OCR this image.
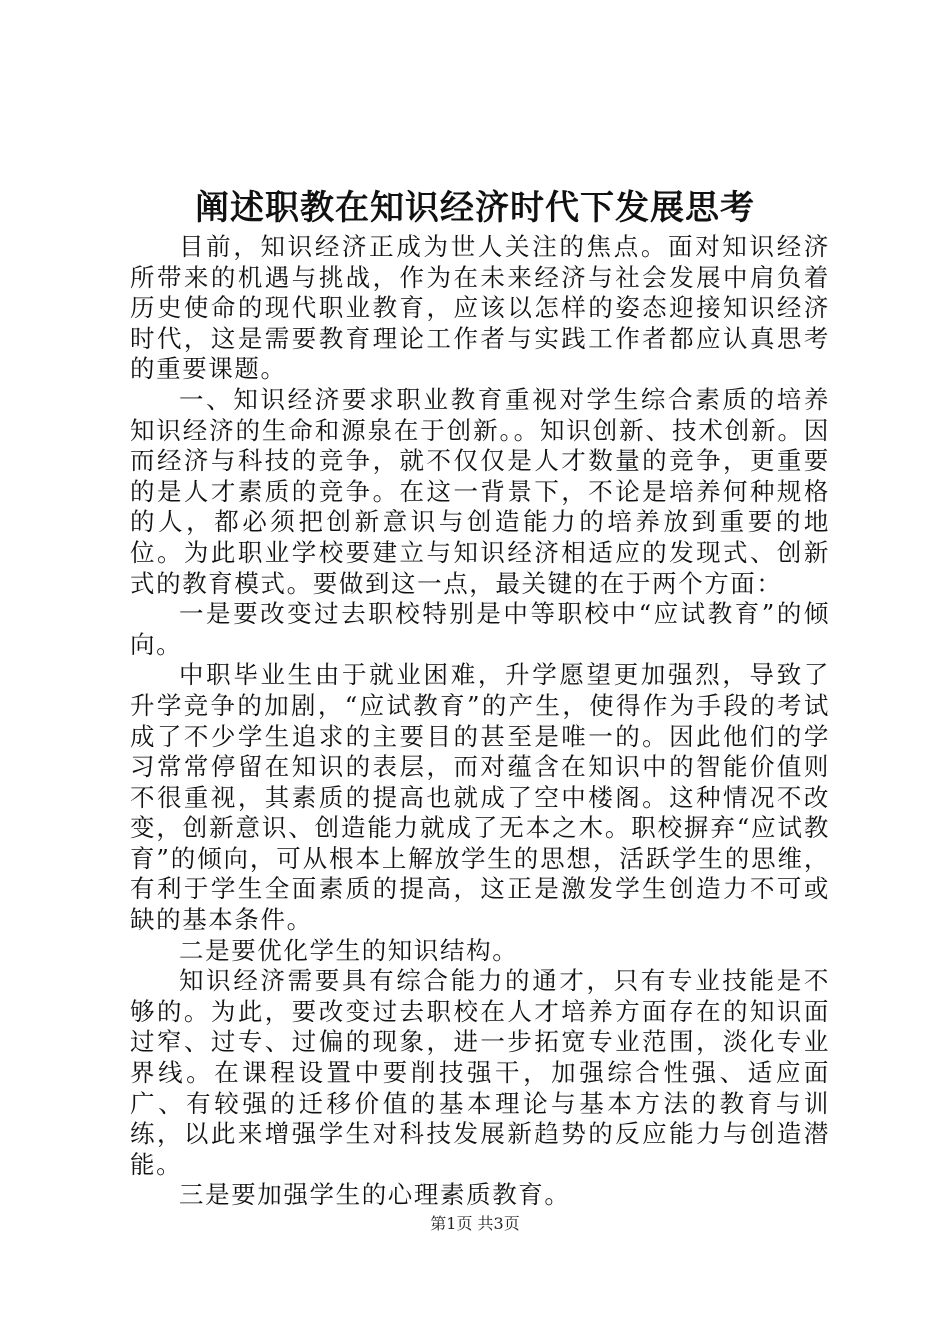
阐述职教在知识经济时代下发展思考

目前，知识经济正成为世人关注的焦点。面对知识经济所带来的机遇与挑战，作为在未来经济与社会发展中肩负着历史使命的现代职业教育，应该以怎样的姿态迎接知识经济时代，这是需要教育理论工作者与实践工作者都应认真思考的重要课题。

一、知识经济要求职业教育重视对学生综合素质的培养知识经济的生命和源泉在于创新。。知识创新、技术创新。因而经济与科技的竞争，就不仅仅是人才数量的竞争，更重要的是人才素质的竞争。在这一背景下，不论是培养何种规格的人，都必须把创新意识与创造能力的培养放到重要的地位。为此职业学校要建立与知识经济相适应的发现式、创新式的教育模式。要做到这一点，最关键的在于两个方面：

一是要改变过去职校特别是中等职校中“应试教育”的倾向。

中职毕业生由于就业困难，升学愿望更加强烈，导致了升学竞争的加剧，“应试教育”的产生，使得作为手段的考试成了不少学生追求的主要目的甚至是唯一的。因此他们的学习常常停留在知识的表层，而对蕴含在知识中的智能价值则不很重视，其素质的提高也就成了空中楼阁。这种情况不改变，创新意识、创造能力就成了无本之木。职校摒弃“应试教育”的倾向，可从根本上解放学生的思想，活跃学生的思维，有利于学生全面素质的提高，这正是激发学生创造力不可或缺的基本条件。

二是要优化学生的知识结构。

知识经济需要具有综合能力的通才，只有专业技能是不够的。为此，要改变过去职校在人才培养方面存在的知识面过窄、过专、过偏的现象，进一步拓宽专业范围，淡化专业界线。在课程设置中要削技强干，加强综合性强、适应面广、有较强的迁移价值的基本理论与基本方法的教育与训练，以此来增强学生对科技发展新趋势的反应能力与创造潜能。

三是要加强学生的心理素质教育。

第1页 共3页
